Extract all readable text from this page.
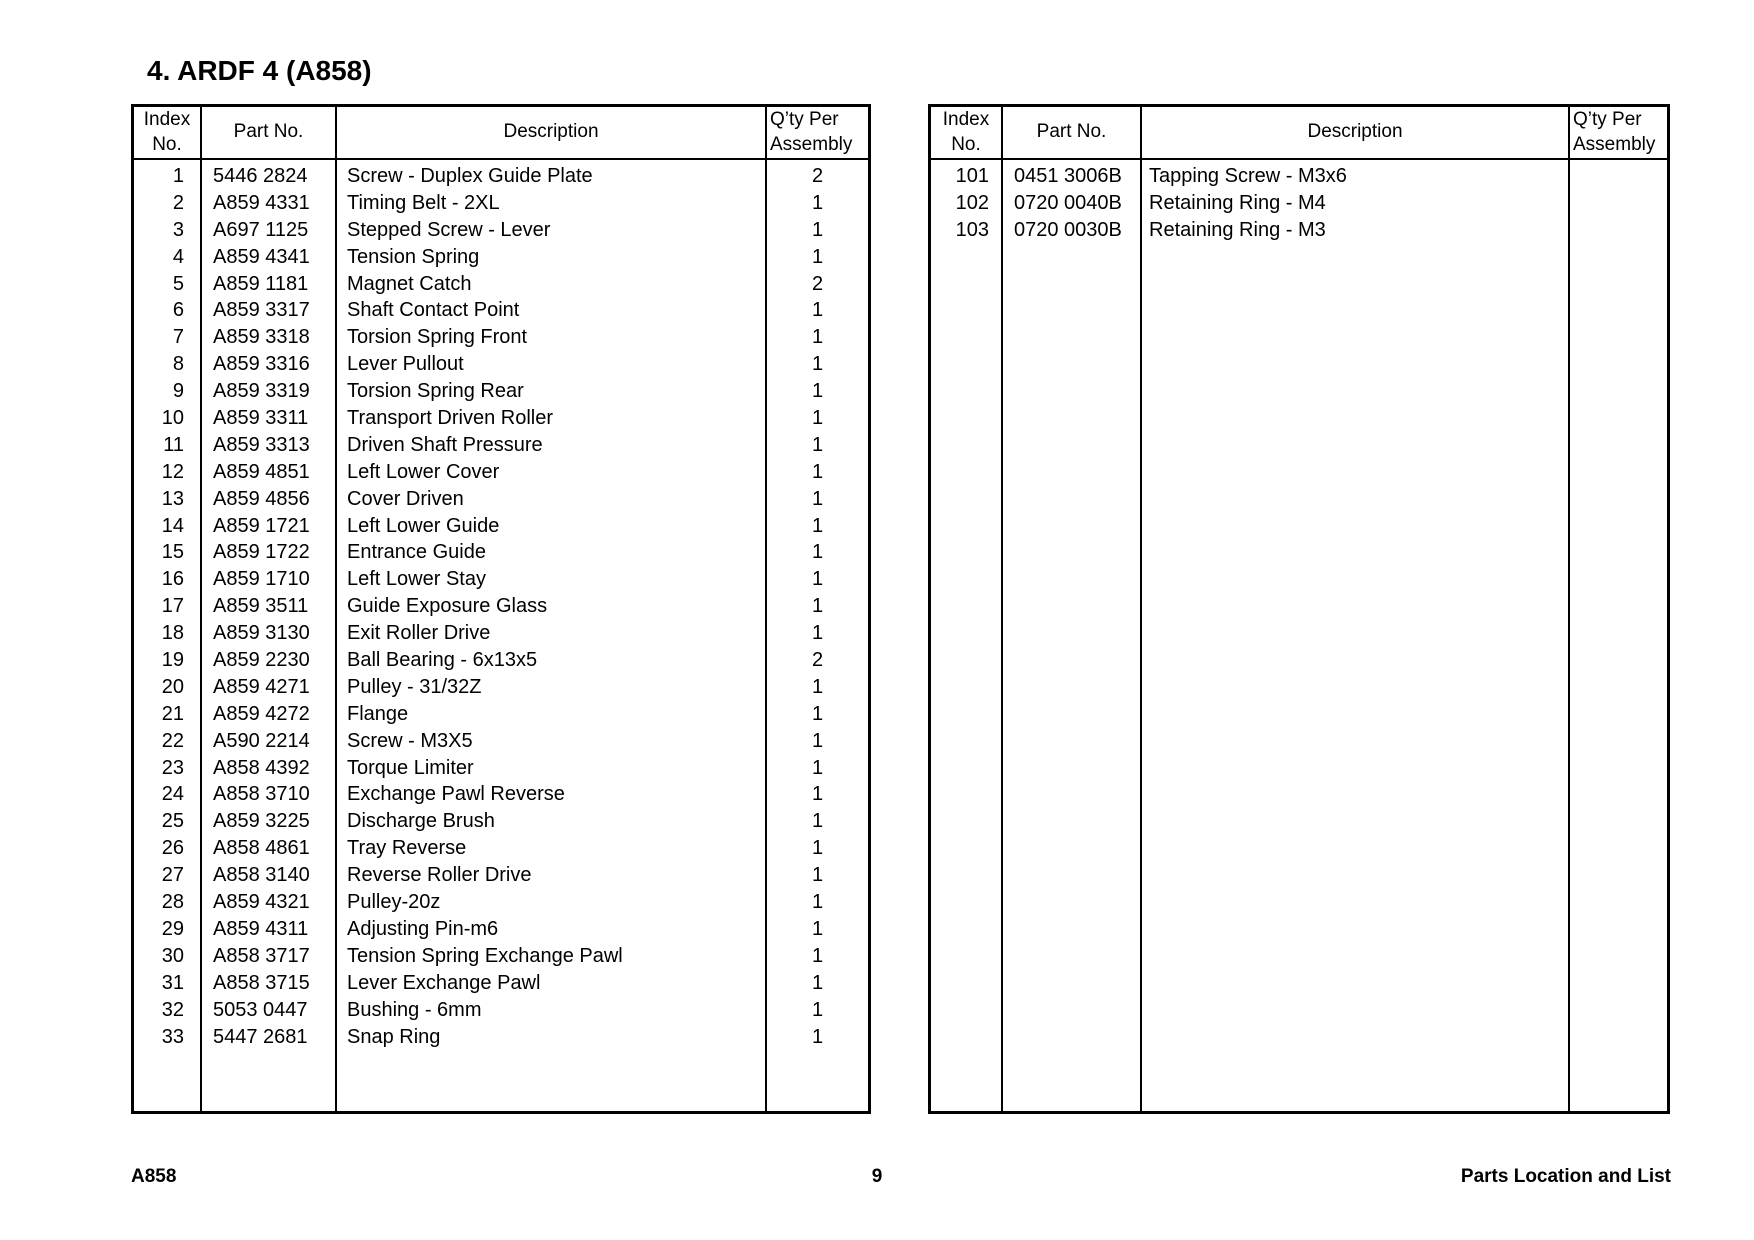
4. ARDF 4 (A858)
Index
No.
Part No.	Description
Q’ty Per
Assembly
1 5446 2824 Screw - Duplex Guide Plate	2
2 A859 4331 Timing Belt - 2XL	1
3 A697 1125 Stepped Screw - Lever	1
4 A859 4341 Tension Spring	1
5 A859 1181 Magnet Catch	2
6 A859 3317 Shaft Contact Point	1
7 A859 3318 Torsion Spring Front	1
8 A859 3316 Lever Pullout	1
9 A859 3319 Torsion Spring Rear	1
10 A859 3311 Transport Driven Roller	1
11 A859 3313 Driven Shaft Pressure	1
12 A859 4851 Left Lower Cover	1
13 A859 4856 Cover Driven	1
14 A859 1721 Left Lower Guide	1
15 A859 1722 Entrance Guide	1
16 A859 1710 Left Lower Stay	1
17 A859 3511 Guide Exposure Glass	1
18 A859 3130 Exit Roller Drive	1
19 A859 2230 Ball Bearing - 6x13x5	2
20 A859 4271 Pulley - 31/32Z	1
21 A859 4272 Flange	1
22 A590 2214 Screw - M3X5	1
23 A858 4392 Torque Limiter	1
24 A858 3710 Exchange Pawl Reverse	1
25 A859 3225 Discharge Brush	1
26 A858 4861 Tray Reverse	1
27 A858 3140 Reverse Roller Drive	1
28 A859 4321 Pulley-20z	1
29 A859 4311 Adjusting Pin-m6	1
30 A858 3717 Tension Spring Exchange Pawl	1
31 A858 3715 Lever Exchange Pawl	1
32 5053 0447 Bushing - 6mm	1
33 5447 2681 Snap Ring	1
Index
No.
Part No.	Description
Q’ty Per
Assembly
101 0451 3006B Tapping Screw - M3x6
102 0720 0040B Retaining Ring - M4
103 0720 0030B Retaining Ring - M3
A858	9	Parts Location and List
